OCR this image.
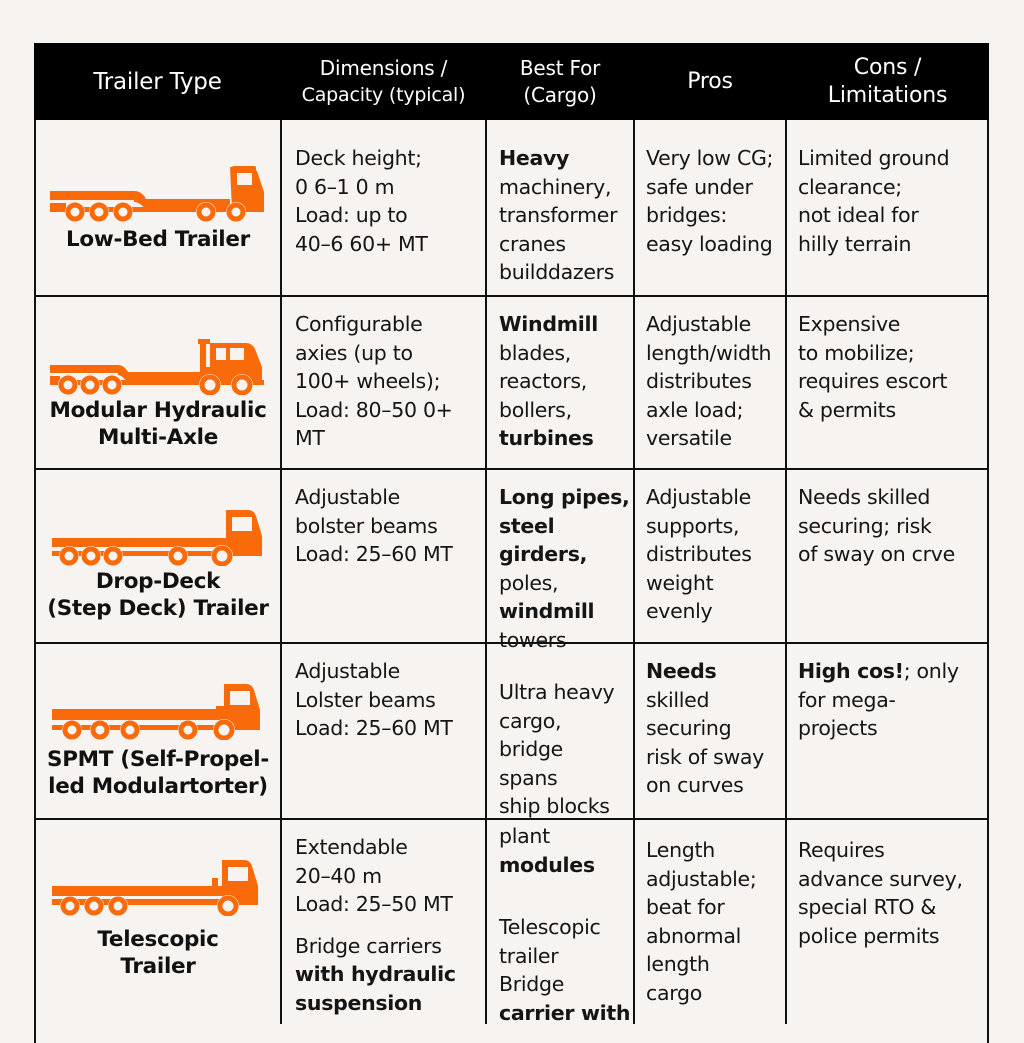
Trailer Type
Dimensions /
Capacity (typical)
Best For
(Cargo)
Pros
Cons /
Limitations
Low-Bed Trailer
Deck height;
0 6–1 0 m
Load: up to
40–6 60+ MT
Heavy
machinery,
transformer
cranes
builddazers
Very low CG;
safe under
bridges:
easy loading
Limited ground
clearance;
not ideal for
hilly terrain
Modular Hydraulic
Multi-Axle
Configurable
axies (up to
100+ wheels);
Load: 80–50 0+
MT
Windmill
blades,
reactors,
bollers,
turbines
Adjustable
length/width
distributes
axle load;
versatile
Expensive
to mobilize;
requires escort
& permits
Drop-Deck
(Step Deck) Trailer
Adjustable
bolster beams
Load: 25–60 MT
Long pipes,
steel
girders,
poles,
windmill
towers
Adjustable
supports,
distributes
weight
evenly
Needs skilled
securing; risk
of sway on crve
SPMT (Self-Propel-
led Modulartorter)
Adjustable
Lolster beams
Load: 25–60 MT
Ultra heavy
cargo,
bridge
spans
ship blocks
Needs
skilled
securing
risk of sway
on curves
High cos!; only
for mega-
projects
Telescopic
Trailer
Extendable
20–40 m
Load: 25–50 MT
Bridge carriers
with hydraulic
suspension
plant
modules
Telescopic
trailer
Bridge
carrier with
Length
adjustable;
beat for
abnormal
length
cargo
Requires
advance survey,
special RTO &
police permits
